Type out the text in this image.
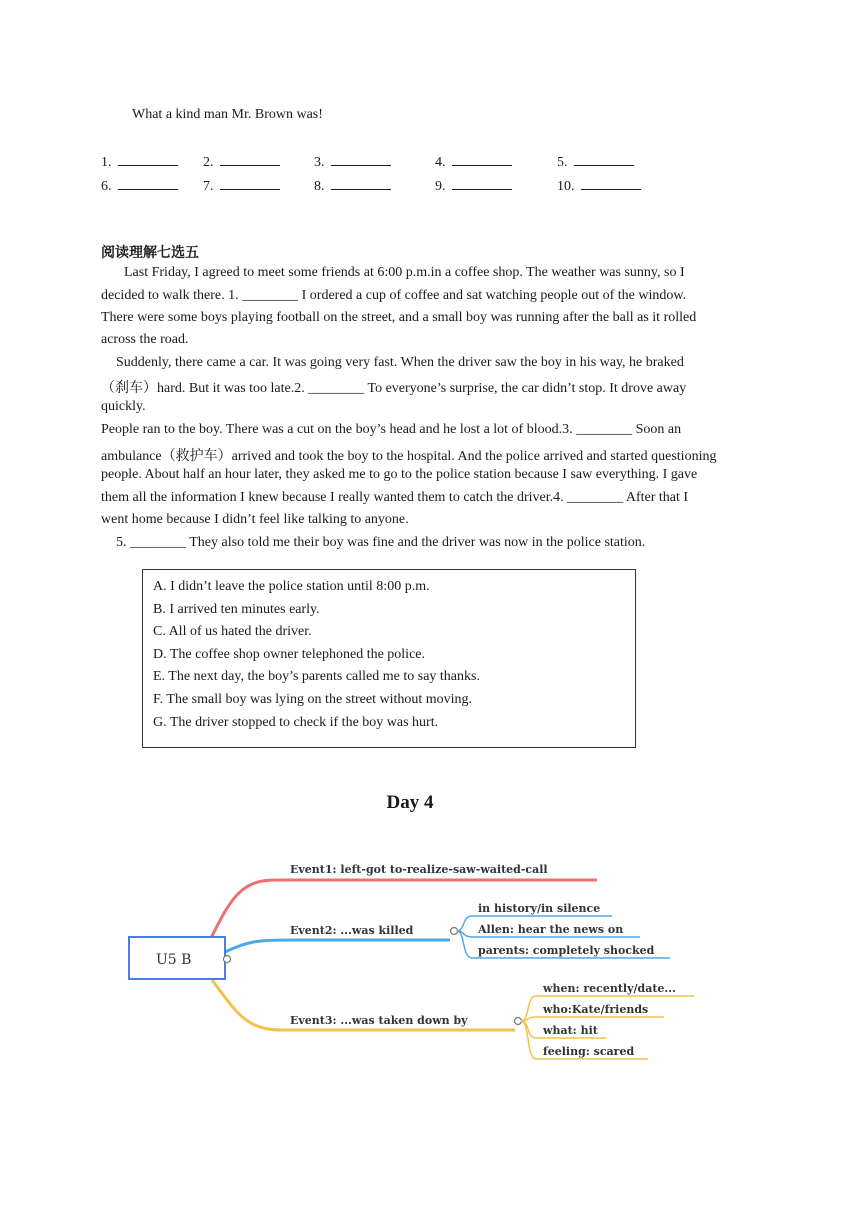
What a kind man Mr. Brown was!
1.	2.	3.	4.	5.
6.	7.	8.	9.	10.
阅读理解七选五
Last Friday, I agreed to meet some friends at 6:00 p.m.in a coffee shop. The weather was sunny, so I
decided to walk there. 1. ________ I ordered a cup of coffee and sat watching people out of the window.
There were some boys playing football on the street, and a small boy was running after the ball as it rolled
across the road.
Suddenly, there came a car. It was going very fast. When the driver saw the boy in his way, he braked
（刹车）hard. But it was too late.2. ________ To everyone’s surprise, the car didn’t stop. It drove away
quickly.
People ran to the boy. There was a cut on the boy’s head and he lost a lot of blood.3. ________ Soon an
ambulance（救护车）arrived and took the boy to the hospital. And the police arrived and started questioning
people. About half an hour later, they asked me to go to the police station because I saw everything. I gave
them all the information I knew because I really wanted them to catch the driver.4. ________ After that I
went home because I didn’t feel like talking to anyone.
5. ________ They also told me their boy was fine and the driver was now in the police station.
A. I didn’t leave the police station until 8:00 p.m.
B. I arrived ten minutes early.
C. All of us hated the driver.
D. The coffee shop owner telephoned the police.
E. The next day, the boy’s parents called me to say thanks.
F. The small boy was lying on the street without moving.
G. The driver stopped to check if the boy was hurt.
Day 4
Event1: left-got to-realize-saw-waited-call
Event2: ...was killed
in history/in silence
Allen: hear the news on
parents: completely shocked
Event3: ...was taken down by
when: recently/date...
who:Kate/friends
what: hit
feeling: scared
U5 B
